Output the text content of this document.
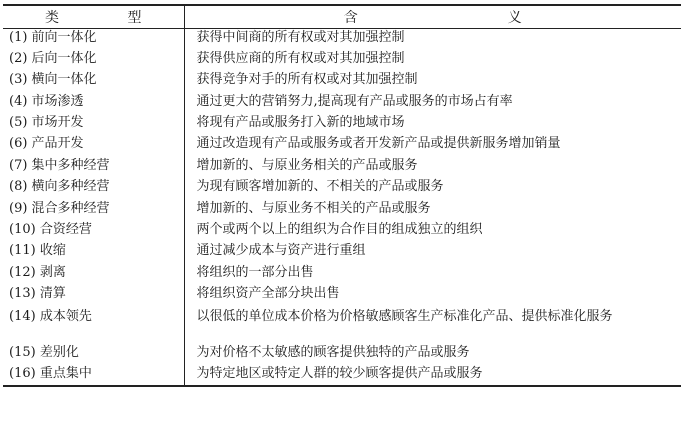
类 型	含 义
(1) 前向一体化	获得中间商的所有权或对其加强控制
(2) 后向一体化	获得供应商的所有权或对其加强控制
(3) 横向一体化	获得竞争对手的所有权或对其加强控制
(4) 市场渗透	通过更大的营销努力,提高现有产品或服务的市场占有率
(5) 市场开发	将现有产品或服务打入新的地域市场
(6) 产品开发	通过改造现有产品或服务或者开发新产品或提供新服务增加销量
(7) 集中多种经营	增加新的、与原业务相关的产品或服务
(8) 横向多种经营	为现有顾客增加新的、不相关的产品或服务
(9) 混合多种经营	增加新的、与原业务不相关的产品或服务
(10) 合资经营	两个或两个以上的组织为合作目的组成独立的组织
(11) 收缩	通过减少成本与资产进行重组
(12) 剥离	将组织的一部分出售
(13) 清算	将组织资产全部分块出售
(14) 成本领先	以很低的单位成本价格为价格敏感顾客生产标准化产品、提供标准化服务
(15) 差别化	为对价格不太敏感的顾客提供独特的产品或服务
(16) 重点集中	为特定地区或特定人群的较少顾客提供产品或服务
